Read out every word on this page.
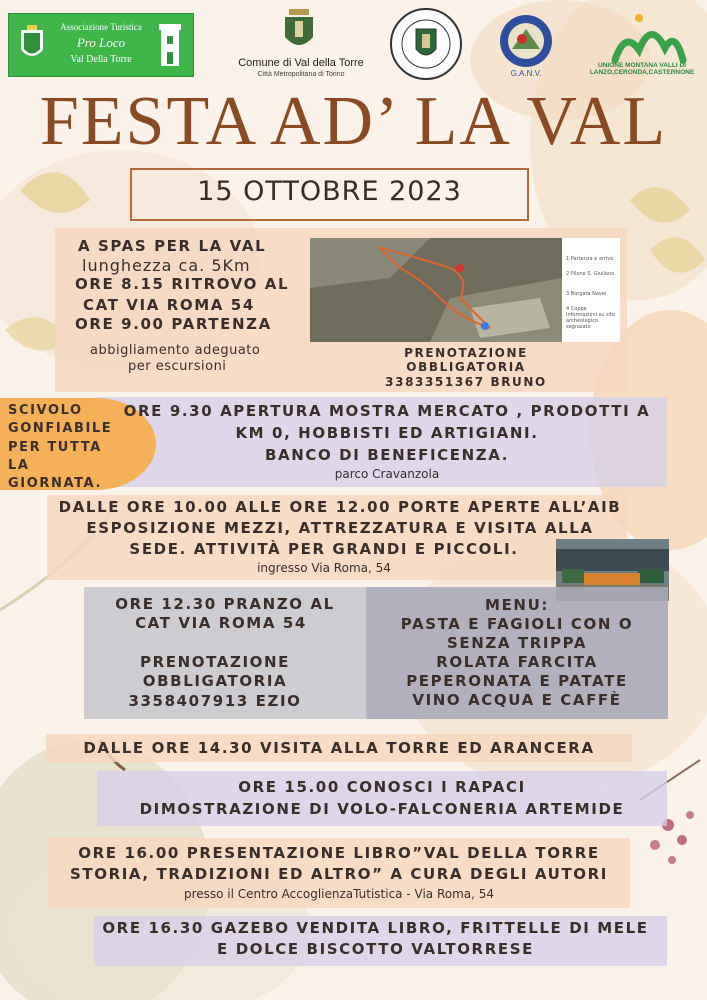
Associazione Turistica
Pro Loco
Val Della Torre	Comune di Val della Torre
Città Metropolitana di Torino	G.A.N.V.
UNIONE MONTANA VALLI DI LANZO,CERONDA,CASTERNONE
FESTA AD’ LA VAL
15 OTTOBRE 2023
A SPAS PER LA VAL
lunghezza ca. 5Km
ORE 8.15 RITROVO AL
CAT VIA ROMA 54
ORE 9.00 PARTENZA
abbigliamento adeguato
per escursioni
1 Partenza e arrivo
2 Pilone S. Giuliano
3 Borgata Navei
4 Coppe Informazioni su sito archeologico segnalato
PRENOTAZIONE
OBBLIGATORIA
3383351367 BRUNO
SCIVOLO
GONFIABILE
PER TUTTA
LA
GIORNATA.
ORE 9.30 APERTURA MOSTRA MERCATO , PRODOTTI A
KM 0, HOBBISTI ED ARTIGIANI.
BANCO DI BENEFICENZA.
parco Cravanzola
DALLE ORE 10.00 ALLE ORE 12.00 PORTE APERTE ALL’AIB
ESPOSIZIONE MEZZI, ATTREZZATURA E VISITA ALLA
SEDE. ATTIVITÀ PER GRANDI E PICCOLI.
ingresso Via Roma, 54
ORE 12.30 PRANZO AL
CAT VIA ROMA 54
PRENOTAZIONE
OBBLIGATORIA
3358407913 EZIO
MENU:
PASTA E FAGIOLI CON O
SENZA TRIPPA
ROLATA FARCITA
PEPERONATA E PATATE
VINO ACQUA E CAFFÈ
DALLE ORE 14.30 VISITA ALLA TORRE ED ARANCERA
ORE 15.00 CONOSCI I RAPACI
DIMOSTRAZIONE DI VOLO-FALCONERIA ARTEMIDE
ORE 16.00 PRESENTAZIONE LIBRO”VAL DELLA TORRE
STORIA, TRADIZIONI ED ALTRO” A CURA DEGLI AUTORI
presso il Centro AccoglienzaTutistica - Via Roma, 54
ORE 16.30 GAZEBO VENDITA LIBRO, FRITTELLE DI MELE
E DOLCE BISCOTTO VALTORRESE
